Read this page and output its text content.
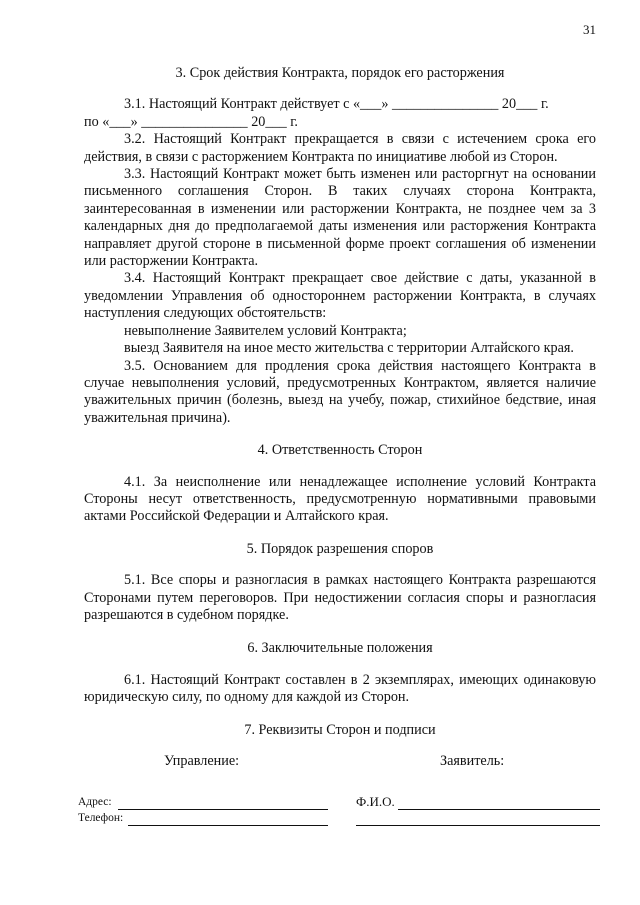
31
3. Срок действия Контракта, порядок его расторжения

3.1. Настоящий Контракт действует с «___» _______________ 20___ г.

по «___» _______________ 20___ г.

3.2. Настоящий Контракт прекращается в связи с истечением срока его действия, в связи с расторжением Контракта по инициативе любой из Сторон.

3.3. Настоящий Контракт может быть изменен или расторгнут на основании письменного соглашения Сторон. В таких случаях сторона Контракта, заинтересованная в изменении или расторжении Контракта, не позднее чем за 3 календарных дня до предполагаемой даты изменения или расторжения Контракта направляет другой стороне в письменной форме проект соглашения об изменении или расторжении Контракта.

3.4. Настоящий Контракт прекращает свое действие с даты, указанной в уведомлении Управления об одностороннем расторжении Контракта, в случаях наступления следующих обстоятельств:

невыполнение Заявителем условий Контракта;

выезд Заявителя на иное место жительства с территории Алтайского края.

3.5. Основанием для продления срока действия настоящего Контракта в случае невыполнения условий, предусмотренных Контрактом, является наличие уважительных причин (болезнь, выезд на учебу, пожар, стихийное бедствие, иная уважительная причина).

4. Ответственность Сторон

4.1. За неисполнение или ненадлежащее исполнение условий Контракта Стороны несут ответственность, предусмотренную нормативными правовыми актами Российской Федерации и Алтайского края.

5. Порядок разрешения споров

5.1. Все споры и разногласия в рамках настоящего Контракта разрешаются Сторонами путем переговоров. При недостижении согласия споры и разногласия разрешаются в судебном порядке.

6. Заключительные положения

6.1. Настоящий Контракт составлен в 2 экземплярах, имеющих одинаковую юридическую силу, по одному для каждой из Сторон.

7. Реквизиты Сторон и подписи
Управление:	Заявитель:
Адрес:
Телефон:
Ф.И.О.
